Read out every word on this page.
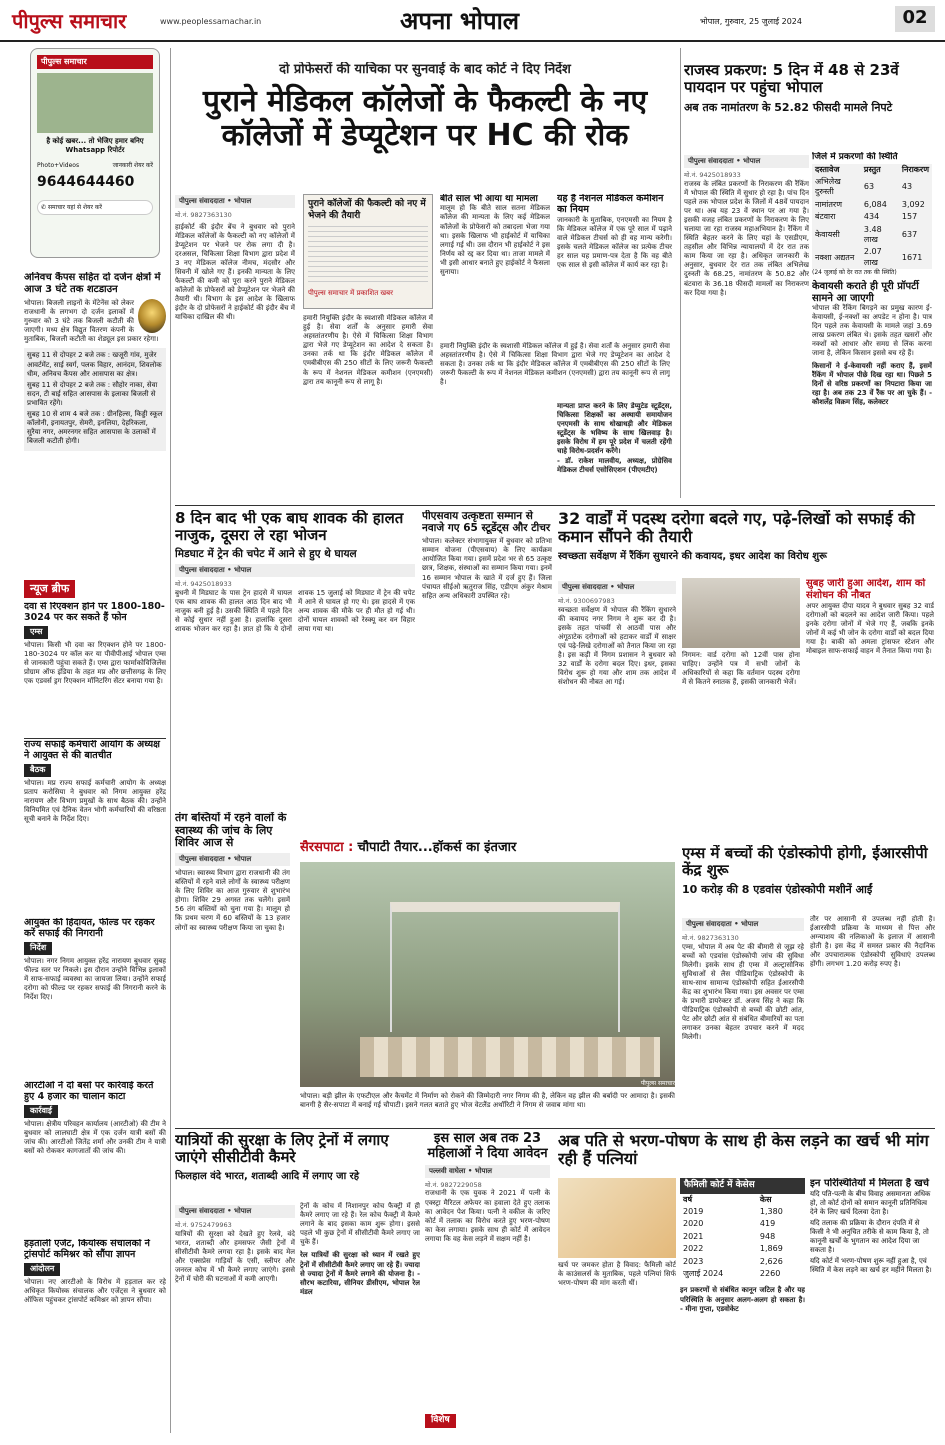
पीपुल्स समाचार	www.peoplessamachar.in	अपना भोपाल	भोपाल, गुरुवार, 25 जुलाई 2024	02
पीपुल्स समाचार
है कोई खबर... तो भेजिए हमार बनिए Whatsapp रिपोर्टर
Photo+Videos	जानकारी शेयर करें
9644644460
✆ समाचार यहां से शेयर करें
अनिवच कैंपस सहित दो दर्जन क्षेत्रों में आज 3 घंटे तक शटडाउन
भोपाल। बिजली लाइनों के मेंटेनेंस को लेकर राजधानी के लगभग दो दर्जन इलाकों में गुरुवार को 3 घंटे तक बिजली कटौती की जाएगी। मध्य क्षेत्र विद्युत वितरण कंपनी के मुताबिक, बिजली कटौती का शेड्यूल इस प्रकार रहेगा।
सुबह 11 से दोपहर 2 बजे तक : खजूरी गांव, मुजेर आवर्टमेंट, साई स्वर्ग, पलक विहार, आनंदम, शिवलोक धीम, अनिवच कैंपस और आसपास का क्षेत्र।
सुबह 11 से दोपहर 2 बजे तक : सौहोर नाका, सेवा सदन, टी बाई सहित आसपास के इलाका बिजली से प्रभावित रहेंगे।
सुबह 10 से शाम 4 बजे तक : ग्रीनहिल्स, किड्डी स्कूल कॉलोनी, इनायतपुर, सेमरी, इनलिया, देहरिकला, सुरैया नगर, अमरनगर सहित आसपास के उलाकों में बिजली कटौती होगी।
न्यूज ब्रीफ
दवा से रिएक्शन होने पर 1800-180-3024 पर कर सकते हैं फोन
एम्स
भोपाल। किसी भी दवा का रिएक्शन होने पर 1800-180-3024 पर कॉल कर या पीवीपीआई भोपाल एम्स से जानकारी पहुंचा सकते हैं। एम्स द्वारा फार्माकोविजिलेंस प्रोग्राम ऑफ इंडिया के तहत मप्र और छत्तीसगढ़ के लिए एक एडवर्स ड्रग रिएक्शन मॉनिटरिंग सेंटर बनाया गया है।
राज्य सफाई कर्मचारी आयोग के अध्यक्ष ने आयुक्त से की बातचीत
बैठक
भोपाल। मप्र राज्य सफाई कर्मचारी आयोग के अध्यक्ष प्रताप करोसिया ने बुधवार को निगम आयुक्त हरेंद्र नारायण और विभाग प्रमुखों के साथ बैठक की। उन्होंने विनियमित एवं दैनिक वेतन भोगी कर्मचारियों की वरिष्ठता सूची बनाने के निर्देश दिए।
आयुक्त की हिदायत, फील्ड पर रहकर करें सफाई की निगरानी
निर्देश
भोपाल। नगर निगम आयुक्त हरेंद्र नारायण बुधवार सुबह फील्ड स्तर पर निकले। इस दौरान उन्होंने विभिन्न इलाकों में साफ-सफाई व्यवस्था का जायजा लिया। उन्होंने सफाई दरोगा को फील्ड पर रहकर सफाई की निगरानी करने के निर्देश दिए।
आरटीओ ने दो बसों पर कार्रवाई करते हुए 4 हजार का चालान काटा
कार्रवाई
भोपाल। क्षेत्रीय परिवहन कार्यालय (आरटीओ) की टीम ने बुधवार को लालघाटी क्षेत्र में एक दर्जन यात्री बसों की जांच की। आरटीओ जितेंद्र शर्मा और उनकी टीम ने यात्री बसों को रोककर कागजातों की जांच की।
हड़ताली एजेंट, कियोस्क संचालकों ने ट्रांसपोर्ट कमिश्नर को सौंपा ज्ञापन
आंदोलन
भोपाल। नए आरटीओ के विरोध में हड़ताल कर रहे अधिकृत कियोस्क संचालक और एजेंट्स ने बुधवार को ऑफिस पहुंचकर ट्रांसपोर्ट कमिश्नर को ज्ञापन सौंपा।
दो प्रोफेसरों की याचिका पर सुनवाई के बाद कोर्ट ने दिए निर्देश
पुराने मेडिकल कॉलेजों के फैकल्टी के नए कॉलेजों में डेप्यूटेशन पर HC की रोक
पीपुल्स संवाददाता • भोपाल
मो.नं. 9827363130
हाईकोर्ट की इंदौर बेंच ने बुधवार को पुराने मेडिकल कॉलेजों के फैकल्टी को नए कॉलेजों में डेप्यूटेशन पर भेजने पर रोक लगा दी है। दरअसल, चिकित्सा शिक्षा विभाग द्वारा प्रदेश में 3 नए मेडिकल कॉलेज नीमच, मंदसौर और सिवनी में खोले गए हैं। इनकी मान्यता के लिए फैकल्टी की कमी को पूरा करने पुराने मेडिकल कॉलेजों के प्रोफेसरों को डेप्यूटेशन पर भेजने की तैयारी थी। विभाग के इस आदेश के खिलाफ इंदौर के दो प्रोफेसरों ने हाईकोर्ट की इंदौर बेंच में याचिका दाखिल की थी।
पुराने कॉलेजों की फैकल्टी को नए में भेजने की तैयारी
पीपुल्स समाचार में प्रकाशित खबर
हमारी नियुक्ति इंदौर के स्वशासी मेडिकल कॉलेज में हुई है। सेवा शर्तों के अनुसार हमारी सेवा अहस्तांतरणीय है। ऐसे में चिकित्सा शिक्षा विभाग द्वारा भेजे गए डेप्यूटेशन का आदेश दे सकता है। उनका तर्क था कि इंदौर मेडिकल कॉलेज में एमबीबीएस की 250 सीटों के लिए जरूरी फैकल्टी के रूप में नेशनल मेडिकल कमीशन (एनएमसी) द्वारा तय कानूनी रूप से लागू है।
बीते साल भी आया था मामला
मालूम हो कि बीते साल सतना मेडिकल कॉलेज की मान्यता के लिए कई मेडिकल कॉलेजों के प्रोफेसरों को तबादला भेजा गया था। इसके खिलाफ भी हाईकोर्ट में याचिका लगाई गई थी। उस दौरान भी हाईकोर्ट ने इस निर्णय को रद्द कर दिया था। ताजा मामले में भी इसी आधार बनाते हुए हाईकोर्ट ने फैसला सुनाया।
हमारी नियुक्ति इंदौर के स्वशासी मेडिकल कॉलेज में हुई है। सेवा शर्तों के अनुसार हमारी सेवा अहस्तांतरणीय है। ऐसे में चिकित्सा शिक्षा विभाग द्वारा भेजे गए डेप्यूटेशन का आदेश दे सकता है। उनका तर्क था कि इंदौर मेडिकल कॉलेज में एमबीबीएस की 250 सीटों के लिए जरूरी फैकल्टी के रूप में नेशनल मेडिकल कमीशन (एनएमसी) द्वारा तय कानूनी रूप से लागू है।
यह है नेशनल मेडिकल कमीशन का नियम
जानकारी के मुताबिक, एनएमसी का नियम है कि मेडिकल कॉलेज में एक पूरे साल में पढ़ाने वाले मेडिकल टीचर्स को ही वह मान्य करेगी। इसके चलते मेडिकल कॉलेज का प्रत्येक टीचर हर साल यह प्रमाण-पत्र देता है कि वह बीते एक साल से इसी कॉलेज में कार्य कर रहा है।
मान्यता प्राप्त करने के लिए डेप्युटेड स्टूडेंट्स, चिकित्सा शिक्षकों का अस्थायी समायोजन एनएमसी के साथ धोखाधड़ी और मेडिकल स्टूडेंट्स के भविष्य के साथ खिलवाड़ है। इसके विरोध में हम पूरे प्रदेश में चलती रहेंगी चाहे विरोध-प्रदर्शन करेंगे।
- डॉ. राकेश मालवीय, अध्यक्ष, प्रोग्रेसिव मेडिकल टीचर्स एसोसिएशन (पीएमटीए)
राजस्व प्रकरण: 5 दिन में 48 से 23वें पायदान पर पहुंचा भोपाल
अब तक नामांतरण के 52.82 फीसदी मामले निपटे
पीपुल्स संवाददाता • भोपाल
मो.नं. 9425018933
राजस्व के लंबित प्रकरणों के निराकरण की रैंकिंग में भोपाल की स्थिति में सुधार हो रहा है। पांच दिन पहले तक भोपाल प्रदेश के जिलों में 48वें पायदान पर था। अब यह 23 वें स्थान पर आ गया है। इसकी वजह लंबित प्रकरणों के निराकरण के लिए चलाया जा रहा राजस्व महाअभियान है। रैंकिंग में स्थिति बेहतर करने के लिए यहां के एसडीएम, तहसील और विभिन्न न्यायालयों में देर रात तक काम किया जा रहा है। अधिकृत जानकारी के अनुसार, बुधवार देर रात तक लंबित अभिलेख दुरुस्ती के 68.25, नामांतरण के 50.82 और बंटवारा के 36.18 फीसदी मामलों का निराकरण कर दिया गया है।
जिले में प्रकरणों की स्थिति
दस्तावेज	प्रस्तुत	निराकरण
अभिलेख दुरुस्ती	63	43
नामांतरण	6,084	3,092
बंटवारा	434	157
केवायसी	3.48 लाख	637
नक्शा अद्यतन	2.07 लाख	1671
(24 जुलाई को देर रात तक की स्थिति)
केवायसी कराते ही पूरी प्रॉपर्टी सामने आ जाएगी
भोपाल की रैंकिंग बिगड़ने का प्रमुख कारण ई-केवायसी, ई-नक्शों का अपडेट न होना है। पात्र दिन पहले तक केवायसी के मामले जहां 3.69 लाख प्रकरण लंबित थे। इसके तहत खसरों और नक्शों को आधार और समग्र से लिंक करना जाना है, लेकिन किसान इससे बच रहे हैं।
किसानों ने ई-केवायसी नहीं कराए हैं, इसमें रैंकिंग में भोपाल पीछे दिख रहा था। पिछले 5 दिनों से वरिष्ठ प्रकरणों का निपटारा किया जा रहा है। अब तक 23 वें रैंक पर आ चुके हैं। - कौशलेंद्र विक्रम सिंह, कलेक्टर
8 दिन बाद भी एक बाघ शावक की हालत नाजुक, दूसरा ले रहा भोजन
मिडघाट में ट्रेन की चपेट में आने से हुए थे घायल
पीपुल्स संवाददाता • भोपाल
मो.नं. 9425018933
बुधनी में मिडघाट के पास ट्रेन हादसे में घायल एक बाघ शावक की हालत आठ दिन बाद भी नाजुक बनी हुई है। उसकी स्थिति में पहले दिन से कोई सुधार नहीं हुआ है। हालांकि दूसरा शावक भोजन कर रहा है। ज्ञात हो कि ये दोनों शावक 15 जुलाई को मिडघाट में ट्रेन की चपेट में आने से घायल हो गए थे। इस हादसे में एक अन्य शावक की मौके पर ही मौत हो गई थी। दोनों घायल शावकों को रेस्क्यू कर वन विहार लाया गया था।
तंग बस्तियों में रहने वालों के स्वास्थ्य की जांच के लिए शिविर आज से
पीपुल्स संवाददाता • भोपाल
भोपाल। स्वास्थ्य विभाग द्वारा राजधानी की तंग बस्तियों में रहने वाले लोगों के स्वास्थ्य परीक्षण के लिए शिविर का आज गुरुवार से शुभारंभ होगा। शिविर 29 अगस्त तक चलेंगे। इसमें 56 तंग बस्तियों को चुना गया है। मालूम हो कि प्रथम चरण में 60 बस्तियों के 13 हजार लोगों का स्वास्थ्य परीक्षण किया जा चुका है।
पीएसवाय उत्कृष्टता सम्मान से नवाजे गए 65 स्टूडेंट्स और टीचर
भोपाल। कलेक्टर संभागायुक्त में बुधवार को प्रतिभा सम्मान योजना (पीएसवाय) के लिए कार्यक्रम आयोजित किया गया। इसमें प्रदेश भर से 65 उत्कृष्ट छात्र, शिक्षक, संस्थाओं का सम्मान किया गया। इनमें 16 सम्मान भोपाल के खाते में दर्ज हुए हैं। जिला पंचायत सीईओ ऋतुराज सिंह, एडीएम अंकुर मेश्राम सहित अन्य अधिकारी उपस्थित रहे।
32 वार्डों में पदस्थ दरोगा बदले गए, पढ़े-लिखों को सफाई की कमान सौंपने की तैयारी
स्वच्छता सर्वेक्षण में रैंकिंग सुधारने की कवायद, इधर आदेश का विरोध शुरू
पीपुल्स संवाददाता • भोपाल
मो.नं. 9300697983
स्वच्छता सर्वेक्षण में भोपाल की रैंकिंग सुधारने की कवायद नगर निगम ने शुरू कर दी है। इसके तहत पांचवीं से आठवीं पास और अंगूठाटेक दरोगाओं को हटाकर वार्डों में साक्षर एवं पढ़े-लिखे दरोगाओं को तैनात किया जा रहा है। इस कड़ी में निगम प्रशासन ने बुधवार को 32 वार्डों के दरोगा बदल दिए। इधर, इसका विरोध शुरू हो गया और शाम तक आदेश में संशोधन की नौबत आ गई।
निगमन: वार्ड दरोगा को 12वीं पास होना चाहिए। उन्होंने पत्र में सभी जोनों के अधिकारियों से कहा कि वर्तमान पदस्थ दरोगा में से कितने स्नातक हैं, इसकी जानकारी भेजें।
सुबह जारी हुआ आदेश, शाम को संशोधन की नौबत
अपर आयुक्त दीपा यादव ने बुधवार सुबह 32 वार्ड दरोगाओं को बदलने का आदेश जारी किया। पहले इनके दरोगा जोनों में भेजे गए हैं, जबकि इनके जोनों में कई भी जोन के दरोगा वार्डों को बदल दिया गया है। बाकी को अमला ट्रांसफर स्टेशन और मोबाइल साफ-सफाई वाहन में तैनात किया गया है।
सैरसपाटा : चौपाटी तैयार...हॉकर्स का इंतजार
भोपाल। बड़ी झील के एफटीएल और कैचमेंट में निर्माण को रोकने की जिम्मेदारी नगर निगम की है, लेकिन वह झील की बर्बादी पर आमादा है। इसकी बानगी है सैर-सपाटा में बनाई गई चौपाटी। इसने गलत बताते हुए भोज वेटलैंड अथॉरिटी ने निगम से जवाब मांगा था।
पीपुल्स समाचार
एम्स में बच्चों की एंडोस्कोपी होगी, ईआरसीपी केंद्र शुरू
10 करोड़ की 8 एडवांस एंडोस्कोपी मशीनें आईं
पीपुल्स संवाददाता • भोपाल
मो.नं. 9827363130
एम्स, भोपाल में अब पेट की बीमारी से जूझ रहे बच्चों को एडवांस एंडोस्कोपी जांच की सुविधा मिलेगी। इसके साथ ही एम्स में अल्ट्रासोनिक सुविधाओं से लैस पीडियाट्रिक एंडोस्कोपी के साथ-साथ सामान्य एंडोस्कोपी सहित ईआरसीपी केंद्र का शुभारंभ किया गया। इस अवसर पर एम्स के प्रभारी डायरेक्टर डॉ. अजय सिंह ने कहा कि पीडियाट्रिक एंडोस्कोपी से बच्चों की छोटी आंत, पेट और छोटी आंत से संबंधित बीमारियों का पता लगाकर उनका बेहतर उपचार करने में मदद मिलेगी।
तौर पर आसानी से उपलब्ध नहीं होती है। ईआरसीपी प्रक्रिया के माध्यम से पित्त और अग्न्याशय की नलिकाओं के इलाज में आसानी होती है। इस केंद्र में समस्त प्रकार की नैदानिक और उपचारात्मक एंडोस्कोपी सुविधाएं उपलब्ध होंगी। लगभग 1.20 करोड़ रुपए है।
यात्रियों की सुरक्षा के लिए ट्रेनों में लगाए जाएंगे सीसीटीवी कैमरे
फिलहाल वंदे भारत, शताब्दी आदि में लगाए जा रहे
पीपुल्स संवाददाता • भोपाल
मो.नं. 9752479963
यात्रियों की सुरक्षा को देखते हुए रेलवे, वंदे भारत, शताब्दी और हमसफर जैसी ट्रेनों में सीसीटीवी कैमरे लगवा रहा है। इसके बाद मेल और एक्सप्रेस गाड़ियों के एसी, स्लीपर और जनरल कोच में भी कैमरे लगाए जाएंगे। इससे ट्रेनों में चोरी की घटनाओं में कमी आएगी।
ट्रेनों के कोच में निशानपुर कोच फैक्ट्री में ही कैमरे लगाए जा रहे हैं। रेल कोच फैक्ट्री में कैमरे लगाने के बाद इसका काम शुरू होगा। इससे पहले भी कुछ ट्रेनों में सीसीटीवी कैमरे लगाए जा चुके हैं।
रेल यात्रियों की सुरक्षा को ध्यान में रखते हुए ट्रेनों में सीसीटीवी कैमरे लगाए जा रहे हैं। ज्यादा से ज्यादा ट्रेनों में कैमरे लगाने की योजना है। - सौरभ कटारिया, सीनियर डीसीएम, भोपाल रेल मंडल
इस साल अब तक 23 महिलाओं ने दिया आवेदन
पल्लवी वाघेला • भोपाल
मो.नं. 9827229058
राजधानी के एक युवक ने 2021 में पत्नी के एक्स्ट्रा मैरिटल अफेयर का हवाला देते हुए तलाक का आवेदन पेश किया। पत्नी ने वकील के जरिए कोर्ट में तलाक का विरोध करते हुए भरण-पोषण का केस लगाया। इसके साथ ही कोर्ट में आवेदन लगाया कि वह केस लड़ने में सक्षम नहीं है।
विशेष
अब पति से भरण-पोषण के साथ ही केस लड़ने का खर्च भी मांग रही हैं पत्नियां
खर्च पर जमकर होता है विवाद: फैमिली कोर्ट के काउंसलर्स के मुताबिक, पहले पत्नियां सिर्फ भरण-पोषण की मांग करती थीं।
फैमिली कोर्ट में केसेस
वर्ष	केस
2019	1,380
2020	419
2021	948
2022	1,869
2023	2,626
जुलाई 2024	2260
इन प्रकरणों से संबंधित कानून जटिल है और यह परिस्थिति के अनुसार अलग-अलग हो सकता है। - मीना गुप्ता, एडवोकेट
इन परिस्थितियों में मिलता है खर्च
यदि पति-पत्नी के बीच विवाह असमानता अधिक हो, तो कोर्ट दोनों को समान कानूनी प्रतिनिधित्व देने के लिए खर्च दिलवा देता है।
यदि तलाक की प्रक्रिया के दौरान दंपति में से किसी ने भी अनुचित तरीके से काम किया है, तो कानूनी खर्चों के भुगतान का आदेश दिया जा सकता है।
यदि कोर्ट में भरण-पोषण शुरू नहीं हुआ है, एवं स्थिति में केस लड़ने का खर्च हर महीने मिलता है।
